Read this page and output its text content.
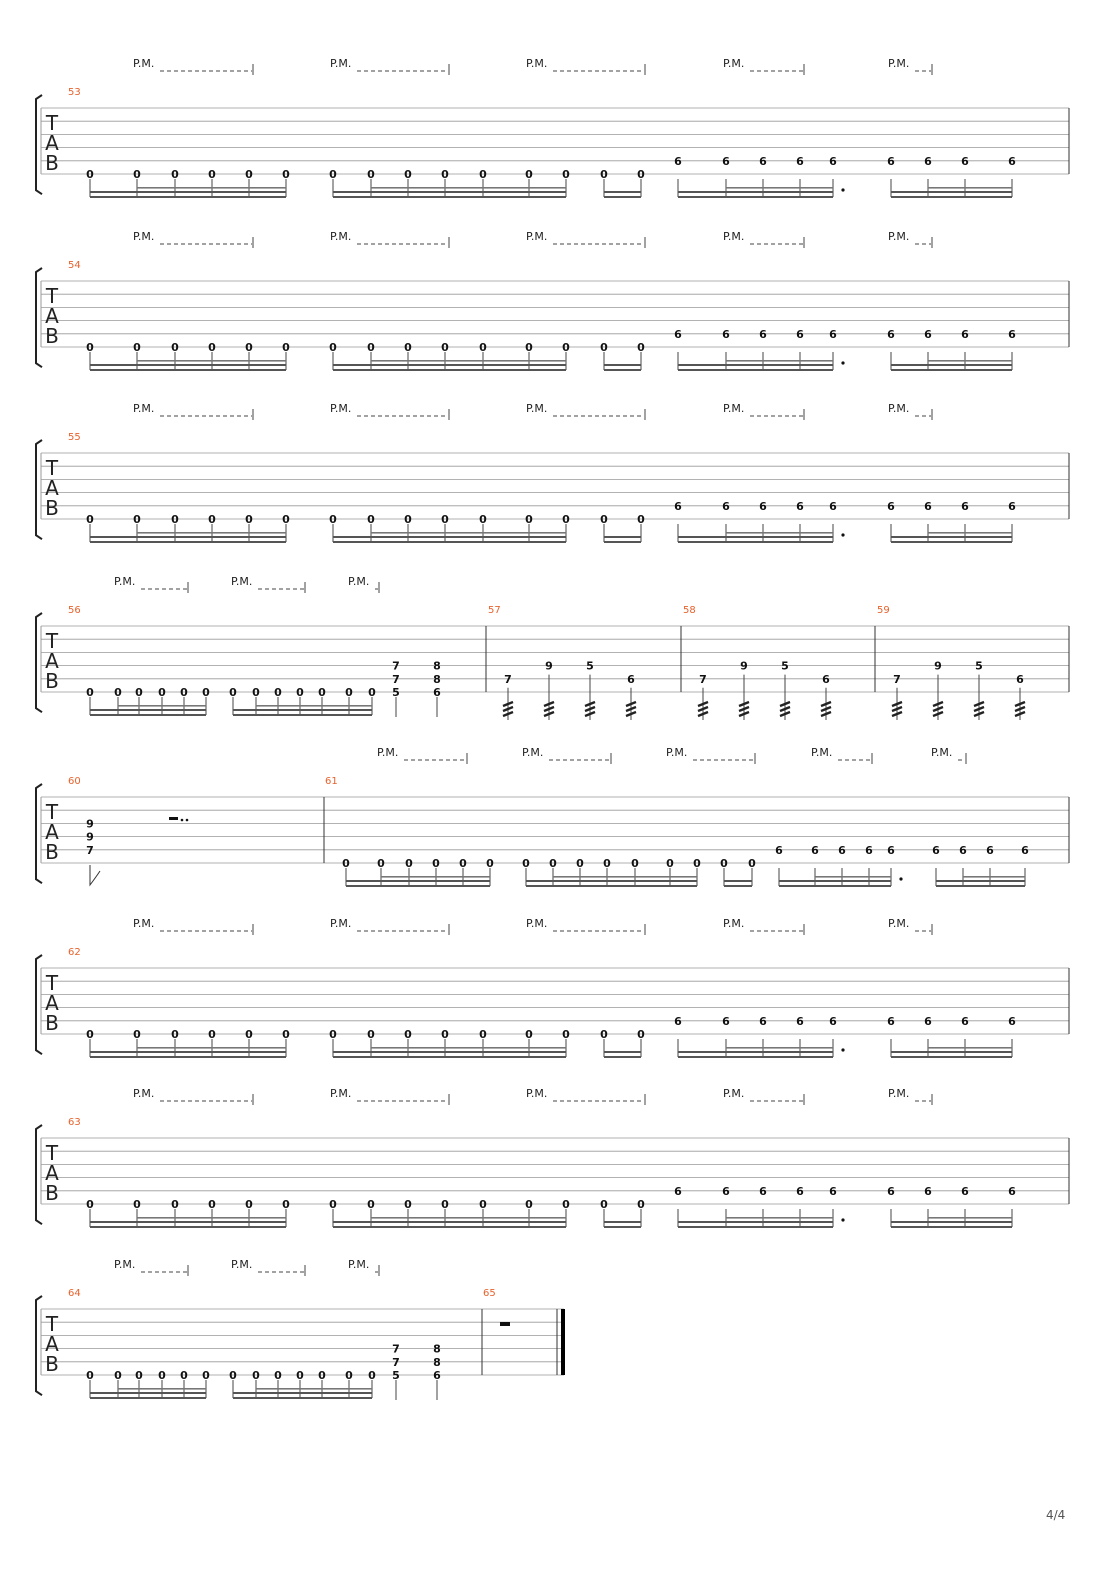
T
A
B
53
0	0	0	0	0	0	0	0	0	0	0	0	0	0	0
6	6	6	6 6	6	6	6	6
P.M.	P.M.	P.M.	P.M.	P.M.
T
A
B
54
0	0	0	0	0	0	0	0	0	0	0	0	0	0	0
6	6	6	6 6	6	6	6	6
P.M.	P.M.	P.M.	P.M.	P.M.
T
A
B
55
0	0	0	0	0	0	0	0	0	0	0	0	0	0	0
6	6	6	6 6	6	6	6	6
P.M.	P.M.	P.M.	P.M.	P.M.
T
A
B
56
0 0 0 0 0 0 0 0 0 0 0 0 0
7
7
5
8
8
6
P.M.	P.M.	P.M.
57
7
9	5
6
58
7
9	5
6
59
7
9	5
6
T
A
B
60
9
9
7
61
0 0 0 0 0 0	0 0 0 0 0 0 0 0 0
6	6 6 6 6	6 6 6 6
P.M.	P.M.	P.M.	P.M.	P.M.
T
A
B
62
0	0	0	0	0	0	0	0	0	0	0	0	0	0	0
6	6	6	6 6	6	6	6	6
P.M.	P.M.	P.M.	P.M.	P.M.
T
A
B
63
0	0	0	0	0	0	0	0	0	0	0	0	0	0	0
6	6	6	6 6	6	6	6	6
P.M.	P.M.	P.M.	P.M.	P.M.
T
A
B
64
0 0 0 0 0 0 0 0 0 0 0 0 0
7
7
5
8
8
6
P.M.	P.M.	P.M.
65
4/4
